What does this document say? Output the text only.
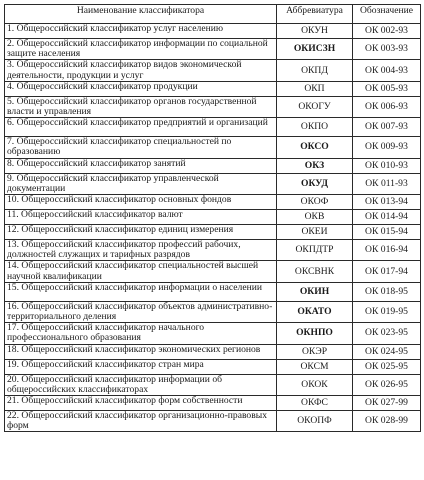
Наименование классификатора	Аббревиатура	Обозначение
1. Общероссийский классификатор услуг населению	ОКУН	ОК 002-93
2. Общероссийский классификатор информации по социальной защите населения	ОКИСЗН	ОК 003-93
3. Общероссийский классификатор видов экономической деятельности, продукции и услуг	ОКПД	ОК 004-93
4. Общероссийский классификатор продукции	ОКП	ОК 005-93
5. Общероссийский классификатор органов государственной власти и управления	ОКОГУ	ОК 006-93
6. Общероссийский классификатор предприятий и организаций	ОКПО	ОК 007-93
7. Общероссийский классификатор специальностей по образованию	ОКСО	ОК 009-93
8. Общероссийский классификатор занятий	ОКЗ	ОК 010-93
9. Общероссийский классификатор управленческой документации	ОКУД	ОК 011-93
10. Общероссийский классификатор основных фондов	ОКОФ	ОК 013-94
11. Общероссийский классификатор валют	ОКВ	ОК 014-94
12. Общероссийский классификатор единиц измерения	ОКЕИ	ОК 015-94
13. Общероссийский классификатор профессий рабочих, должностей служащих и тарифных разрядов	ОКПДТР	ОК 016-94
14. Общероссийский классификатор специальностей высшей научной квалификации	ОКСВНК	ОК 017-94
15. Общероссийский классификатор информации о населении	ОКИН	ОК 018-95
16. Общероссийский классификатор объектов административно-территориального деления	ОКАТО	ОК 019-95
17. Общероссийский классификатор начального профессионального образования	ОКНПО	ОК 023-95
18. Общероссийский классификатор экономических регионов	ОКЭР	ОК 024-95
19. Общероссийский классификатор стран мира	ОКСМ	ОК 025-95
20. Общероссийский классификатор информации об общероссийских классификаторах	ОКОК	ОК 026-95
21. Общероссийский классификатор форм собственности	ОКФС	ОК 027-99
22. Общероссийский классификатор организационно-правовых форм	ОКОПФ	ОК 028-99
